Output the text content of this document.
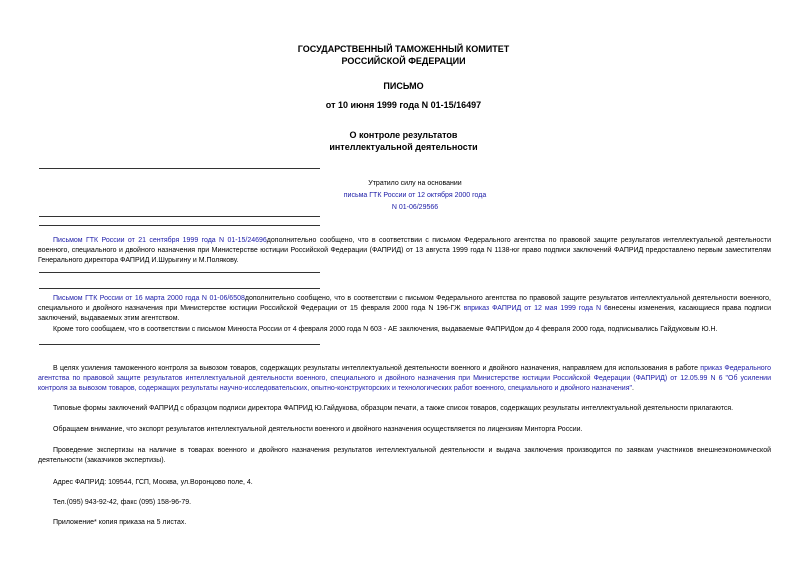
ГОСУДАРСТВЕННЫЙ ТАМОЖЕННЫЙ КОМИТЕТ
РОССИЙСКОЙ ФЕДЕРАЦИИ
ПИСЬМО
от 10 июня 1999 года N 01-15/16497
О контроле результатов
интеллектуальной деятельности
Утратило силу на основании
письма ГТК России от 12 октября 2000 года
N 01-06/29566
Письмом ГТК России от 21 сентября 1999 года N 01-15/24696дополнительно сообщено, что в соответствии с письмом Федерального агентства по правовой защите результатов интеллектуальной деятельности военного, специального и двойного назначения при Министерстве юстиции Российской Федерации (ФАПРИД) от 13 августа 1999 года N 1138-юг право подписи заключений ФАПРИД предоставлено первым заместителям Генерального директора ФАПРИД И.Шурыгину и М.Полякову.
Письмом ГТК России от 16 марта 2000 года N 01-06/6508дополнительно сообщено, что в соответствии с письмом Федерального агентства по правовой защите результатов интеллектуальной деятельности военного, специального и двойного назначения при Министерстве юстиции Российской Федерации от 15 февраля 2000 года N 196-ГЖ вприказ ФАПРИД от 12 мая 1999 года N 6внесены изменения, касающиеся права подписи заключений, выдаваемых этим агентством.
Кроме того сообщаем, что в соответствии с письмом Минюста России от 4 февраля 2000 года N 603 - АЕ заключения, выдаваемые ФАПРИДом до 4 февраля 2000 года, подписывались Гайдуковым Ю.Н.
В целях усиления таможенного контроля за вывозом товаров, содержащих результаты интеллектуальной деятельности военного и двойного назначения, направляем для использования в работе приказ Федерального агентства по правовой защите результатов интеллектуальной деятельности военного, специального и двойного назначения при Министерстве юстиции Российской Федерации (ФАПРИД) от 12.05.99 N 6 "Об усилении контроля за вывозом товаров, содержащих результаты научно-исследовательских, опытно-конструкторских и технологических работ военного, специального и двойного назначения".
Типовые формы заключений ФАПРИД с образцом подписи директора ФАПРИД Ю.Гайдукова, образцом печати, а также список товаров, содержащих результаты интеллектуальной деятельности прилагаются.
Обращаем внимание, что экспорт результатов интеллектуальной деятельности военного и двойного назначения осуществляется по лицензиям Минторга России.
Проведение экспертизы на наличие в товарах военного и двойного назначения результатов интеллектуальной деятельности и выдача заключения производится по заявкам участников внешнеэкономической деятельности (заказчиков экспертизы).
Адрес ФАПРИД: 109544, ГСП, Москва, ул.Воронцово поле, 4.
Тел.(095) 943-92-42, факс (095) 158-96-79.
Приложение* копия приказа на 5 листах.
